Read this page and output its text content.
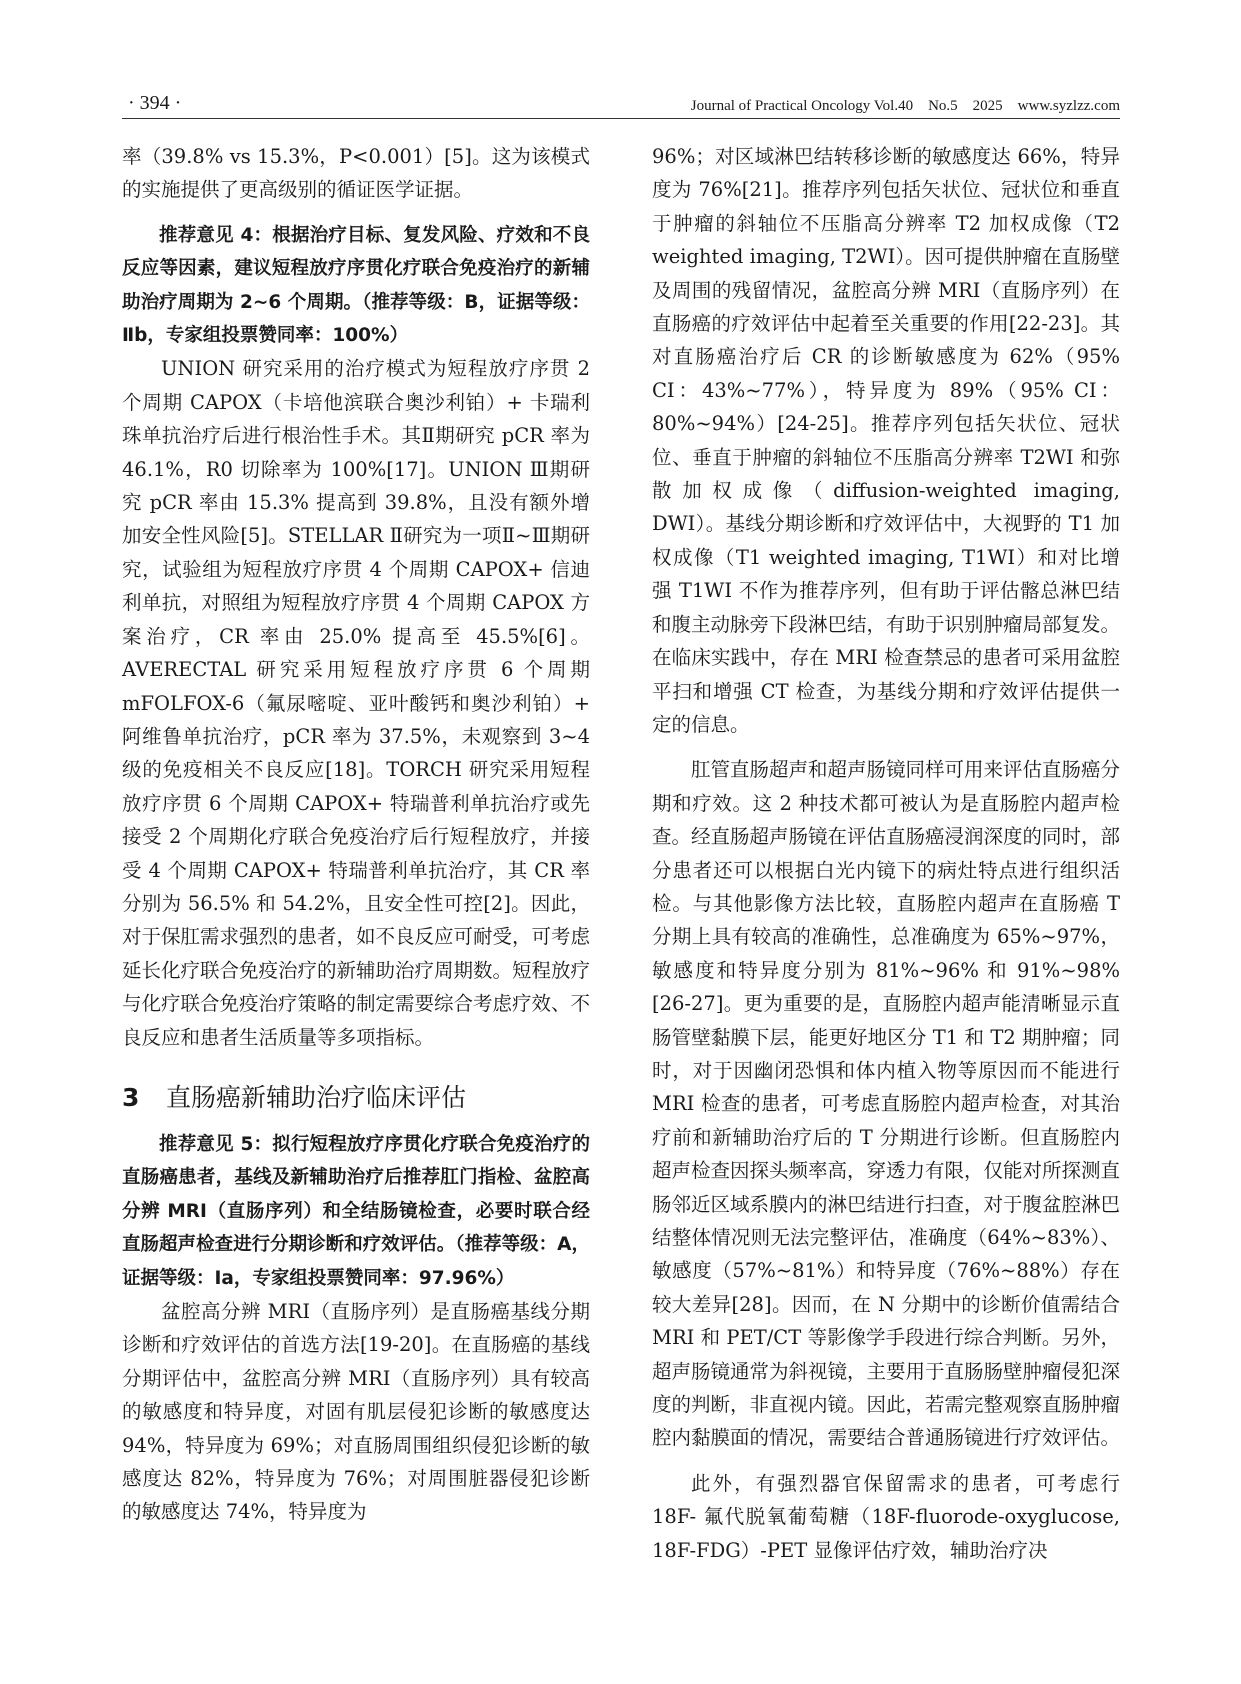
· 394 ·	Journal of Practical Oncology Vol.40　No.5　2025　www.syzlzz.com

率（39.8% vs 15.3%，P<0.001）[5]。这为该模式的实施提供了更高级别的循证医学证据。

推荐意见 4：根据治疗目标、复发风险、疗效和不良反应等因素，建议短程放疗序贯化疗联合免疫治疗的新辅助治疗周期为 2~6 个周期。（推荐等级：B，证据等级：Ⅱb，专家组投票赞同率：100%）

UNION 研究采用的治疗模式为短程放疗序贯 2 个周期 CAPOX（卡培他滨联合奥沙利铂）+ 卡瑞利珠单抗治疗后进行根治性手术。其Ⅱ期研究 pCR 率为 46.1%，R0 切除率为 100%[17]。UNION Ⅲ期研究 pCR 率由 15.3% 提高到 39.8%，且没有额外增加安全性风险[5]。STELLAR Ⅱ研究为一项Ⅱ~Ⅲ期研究，试验组为短程放疗序贯 4 个周期 CAPOX+ 信迪利单抗，对照组为短程放疗序贯 4 个周期 CAPOX 方案治疗，CR 率由 25.0% 提高至 45.5%[6]。AVERECTAL 研究采用短程放疗序贯 6 个周期 mFOLFOX-6（氟尿嘧啶、亚叶酸钙和奥沙利铂）+ 阿维鲁单抗治疗，pCR 率为 37.5%，未观察到 3~4 级的免疫相关不良反应[18]。TORCH 研究采用短程放疗序贯 6 个周期 CAPOX+ 特瑞普利单抗治疗或先接受 2 个周期化疗联合免疫治疗后行短程放疗，并接受 4 个周期 CAPOX+ 特瑞普利单抗治疗，其 CR 率分别为 56.5% 和 54.2%，且安全性可控[2]。因此，对于保肛需求强烈的患者，如不良反应可耐受，可考虑延长化疗联合免疫治疗的新辅助治疗周期数。短程放疗与化疗联合免疫治疗策略的制定需要综合考虑疗效、不良反应和患者生活质量等多项指标。

3 直肠癌新辅助治疗临床评估

推荐意见 5：拟行短程放疗序贯化疗联合免疫治疗的直肠癌患者，基线及新辅助治疗后推荐肛门指检、盆腔高分辨 MRI（直肠序列）和全结肠镜检查，必要时联合经直肠超声检查进行分期诊断和疗效评估。（推荐等级：A，证据等级：Ⅰa，专家组投票赞同率：97.96%）

盆腔高分辨 MRI（直肠序列）是直肠癌基线分期诊断和疗效评估的首选方法[19-20]。在直肠癌的基线分期评估中，盆腔高分辨 MRI（直肠序列）具有较高的敏感度和特异度，对固有肌层侵犯诊断的敏感度达 94%，特异度为 69%；对直肠周围组织侵犯诊断的敏感度达 82%，特异度为 76%；对周围脏器侵犯诊断的敏感度达 74%，特异度为

96%；对区域淋巴结转移诊断的敏感度达 66%，特异度为 76%[21]。推荐序列包括矢状位、冠状位和垂直于肿瘤的斜轴位不压脂高分辨率 T2 加权成像（T2 weighted imaging, T2WI）。因可提供肿瘤在直肠壁及周围的残留情况，盆腔高分辨 MRI（直肠序列）在直肠癌的疗效评估中起着至关重要的作用[22-23]。其对直肠癌治疗后 CR 的诊断敏感度为 62%（95% CI：43%~77%），特异度为 89%（95% CI：80%~94%）[24-25]。推荐序列包括矢状位、冠状位、垂直于肿瘤的斜轴位不压脂高分辨率 T2WI 和弥散加权成像（diffusion-weighted imaging, DWI）。基线分期诊断和疗效评估中，大视野的 T1 加权成像（T1 weighted imaging, T1WI）和对比增强 T1WI 不作为推荐序列，但有助于评估髂总淋巴结和腹主动脉旁下段淋巴结，有助于识别肿瘤局部复发。在临床实践中，存在 MRI 检查禁忌的患者可采用盆腔平扫和增强 CT 检查，为基线分期和疗效评估提供一定的信息。

肛管直肠超声和超声肠镜同样可用来评估直肠癌分期和疗效。这 2 种技术都可被认为是直肠腔内超声检查。经直肠超声肠镜在评估直肠癌浸润深度的同时，部分患者还可以根据白光内镜下的病灶特点进行组织活检。与其他影像方法比较，直肠腔内超声在直肠癌 T 分期上具有较高的准确性，总准确度为 65%~97%，敏感度和特异度分别为 81%~96% 和 91%~98%[26-27]。更为重要的是，直肠腔内超声能清晰显示直肠管壁黏膜下层，能更好地区分 T1 和 T2 期肿瘤；同时，对于因幽闭恐惧和体内植入物等原因而不能进行 MRI 检查的患者，可考虑直肠腔内超声检查，对其治疗前和新辅助治疗后的 T 分期进行诊断。但直肠腔内超声检查因探头频率高，穿透力有限，仅能对所探测直肠邻近区域系膜内的淋巴结进行扫查，对于腹盆腔淋巴结整体情况则无法完整评估，准确度（64%~83%）、敏感度（57%~81%）和特异度（76%~88%）存在较大差异[28]。因而，在 N 分期中的诊断价值需结合 MRI 和 PET/CT 等影像学手段进行综合判断。另外，超声肠镜通常为斜视镜，主要用于直肠肠壁肿瘤侵犯深度的判断，非直视内镜。因此，若需完整观察直肠肿瘤腔内黏膜面的情况，需要结合普通肠镜进行疗效评估。

此外，有强烈器官保留需求的患者，可考虑行 18F- 氟代脱氧葡萄糖（18F-fluorode-oxyglucose, 18F-FDG）-PET 显像评估疗效，辅助治疗决
